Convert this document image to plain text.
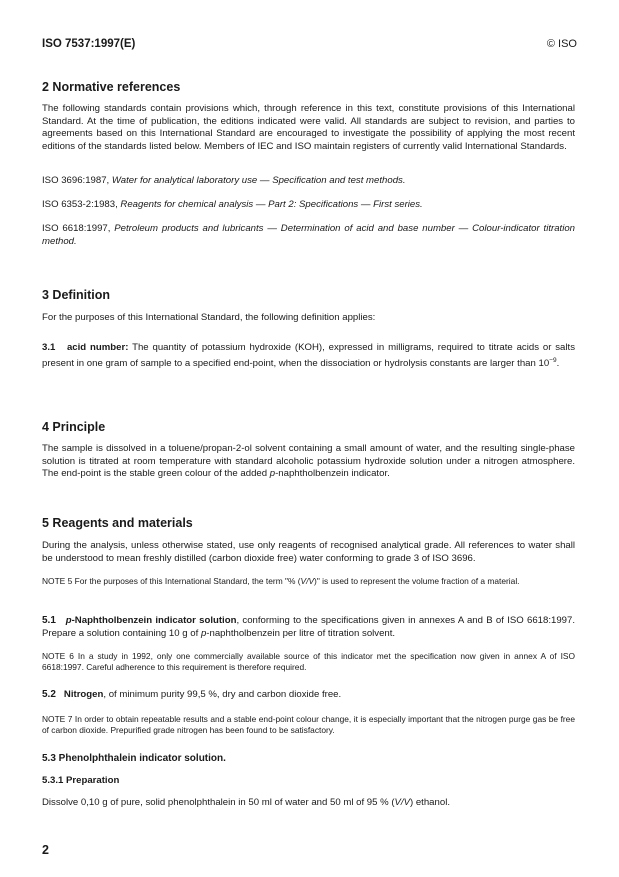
ISO 7537:1997(E)	© ISO
2 Normative references

The following standards contain provisions which, through reference in this text, constitute provisions of this International Standard. At the time of publication, the editions indicated were valid. All standards are subject to revision, and parties to agreements based on this International Standard are encouraged to investigate the possibility of applying the most recent editions of the standards listed below. Members of IEC and ISO maintain registers of currently valid International Standards.

ISO 3696:1987, Water for analytical laboratory use — Specification and test methods.

ISO 6353-2:1983, Reagents for chemical analysis — Part 2: Specifications — First series.

ISO 6618:1997, Petroleum products and lubricants — Determination of acid and base number — Colour-indicator titration method.

3 Definition

For the purposes of this International Standard, the following definition applies:

3.1 acid number: The quantity of potassium hydroxide (KOH), expressed in milligrams, required to titrate acids or salts present in one gram of sample to a specified end-point, when the dissociation or hydrolysis constants are larger than $10^{-9}$.

4 Principle

The sample is dissolved in a toluene/propan-2-ol solvent containing a small amount of water, and the resulting single-phase solution is titrated at room temperature with standard alcoholic potassium hydroxide solution under a nitrogen atmosphere. The end-point is the stable green colour of the added p-naphtholbenzein indicator.

5 Reagents and materials

During the analysis, unless otherwise stated, use only reagents of recognised analytical grade. All references to water shall be understood to mean freshly distilled (carbon dioxide free) water conforming to grade 3 of ISO 3696.

NOTE 5 For the purposes of this International Standard, the term "% (V/V)" is used to represent the volume fraction of a material.

5.1 p-Naphtholbenzein indicator solution, conforming to the specifications given in annexes A and B of ISO 6618:1997. Prepare a solution containing 10 g of p-naphtholbenzein per litre of titration solvent.

NOTE 6 In a study in 1992, only one commercially available source of this indicator met the specification now given in annex A of ISO 6618:1997. Careful adherence to this requirement is therefore required.

5.2 Nitrogen, of minimum purity 99,5 %, dry and carbon dioxide free.

NOTE 7 In order to obtain repeatable results and a stable end-point colour change, it is especially important that the nitrogen purge gas be free of carbon dioxide. Prepurified grade nitrogen has been found to be satisfactory.

5.3 Phenolphthalein indicator solution.
5.3.1 Preparation

Dissolve 0,10 g of pure, solid phenolphthalein in 50 ml of water and 50 ml of 95 % (V/V) ethanol.

2
